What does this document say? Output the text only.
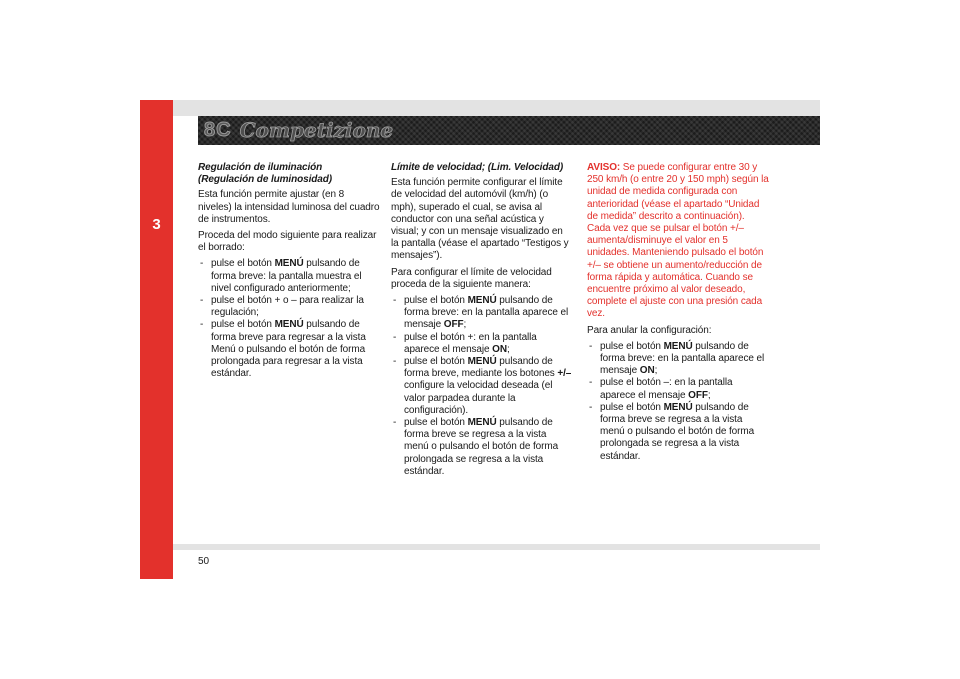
3
8C Competizione
Regulación de iluminación (Regulación de luminosidad)

Esta función permite ajustar (en 8 niveles) la intensidad luminosa del cuadro de instrumentos.

Proceda del modo siguiente para realizar el borrado:

- pulse el botón MENÚ pulsando de forma breve: la pantalla muestra el nivel configurado anteriormente;
- pulse el botón + o – para realizar la regulación;
- pulse el botón MENÚ pulsando de forma breve para regresar a la vista Menú o pulsando el botón de forma prolongada para regresar a la vista estándar.
Límite de velocidad; (Lim. Velocidad)

Esta función permite configurar el límite de velocidad del automóvil (km/h) (o mph), superado el cual, se avisa al conductor con una señal acústica y visual; y con un mensaje visualizado en la pantalla (véase el apartado “Testigos y mensajes”).

Para configurar el límite de velocidad proceda de la siguiente manera:

- pulse el botón MENÚ pulsando de forma breve: en la pantalla aparece el mensaje OFF;
- pulse el botón +: en la pantalla aparece el mensaje ON;
- pulse el botón MENÚ pulsando de forma breve, mediante los botones +/– configure la velocidad deseada (el valor parpadea durante la configuración).
- pulse el botón MENÚ pulsando de forma breve se regresa a la vista menú o pulsando el botón de forma prolongada se regresa a la vista estándar.

AVISO: Se puede configurar entre 30 y 250 km/h (o entre 20 y 150 mph) según la unidad de medida configurada con anterioridad (véase el apartado “Unidad de medida” descrito a continuación). Cada vez que se pulsar el botón +/– aumenta/disminuye el valor en 5 unidades. Manteniendo pulsado el botón +/– se obtiene un aumento/reducción de forma rápida y automática. Cuando se encuentre próximo al valor deseado, complete el ajuste con una presión cada vez.

Para anular la configuración:

- pulse el botón MENÚ pulsando de forma breve: en la pantalla aparece el mensaje ON;
- pulse el botón –: en la pantalla aparece el mensaje OFF;
- pulse el botón MENÚ pulsando de forma breve se regresa a la vista menú o pulsando el botón de forma prolongada se regresa a la vista estándar.
50
